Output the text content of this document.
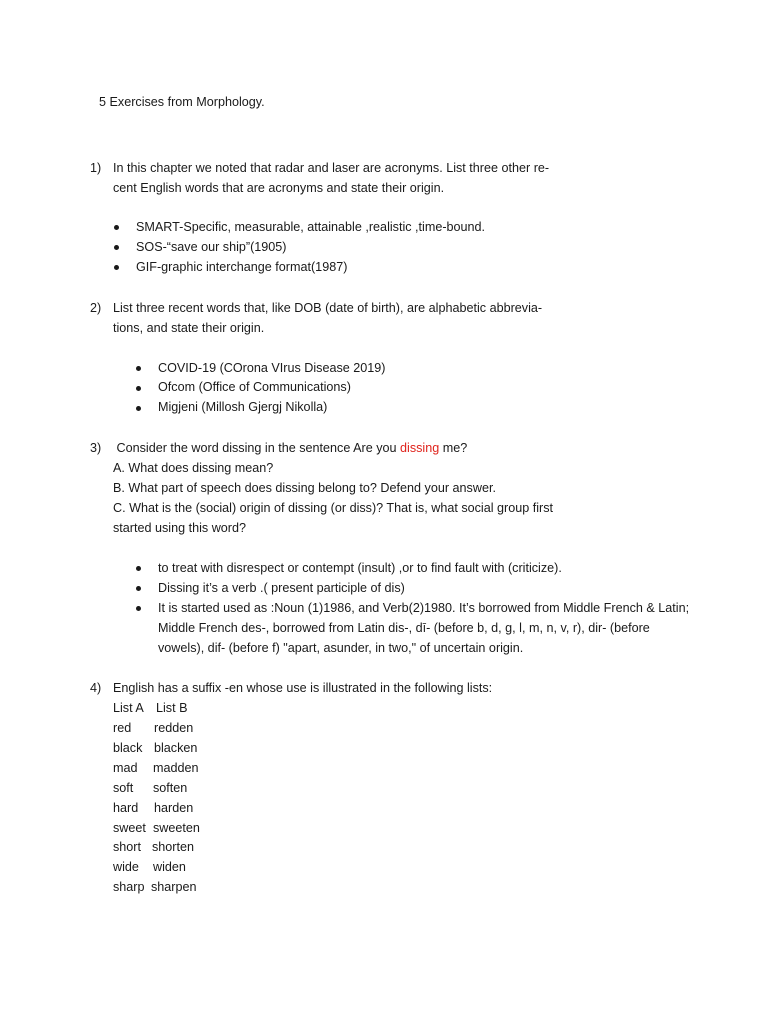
5 Exercises from Morphology.
1) In this chapter we noted that radar and laser are acronyms. List three other re-
cent English words that are acronyms and state their origin.
SMART-Specific, measurable, attainable ,realistic ,time-bound.
SOS-“save our ship”(1905)
GIF-graphic interchange format(1987)
2) List three recent words that, like DOB (date of birth), are alphabetic abbrevia-
tions, and state their origin.
COVID-19 (COrona VIrus Disease 2019)
Ofcom (Office of Communications)
Migjeni (Millosh Gjergj Nikolla)
3) Consider the word dissing in the sentence Are you dissing me?
A. What does dissing mean?
B. What part of speech does dissing belong to? Defend your answer.
C. What is the (social) origin of dissing (or diss)? That is, what social group first
started using this word?
to treat with disrespect or contempt (insult) ,or to find fault with (criticize).
Dissing it’s a verb .( present participle of dis)
It is started used as :Noun (1)1986, and Verb(2)1980. It’s borrowed from Middle French & Latin;
Middle French des-, borrowed from Latin dis-, dī- (before b, d, g, l, m, n, v, r), dir- (before
vowels), dif- (before f) "apart, asunder, in two," of uncertain origin.
4) English has a suffix -en whose use is illustrated in the following lists:
List A List B
red redden
black blacken
mad madden
soft soften
hard harden
sweet sweeten
short shorten
wide widen
sharp sharpen
